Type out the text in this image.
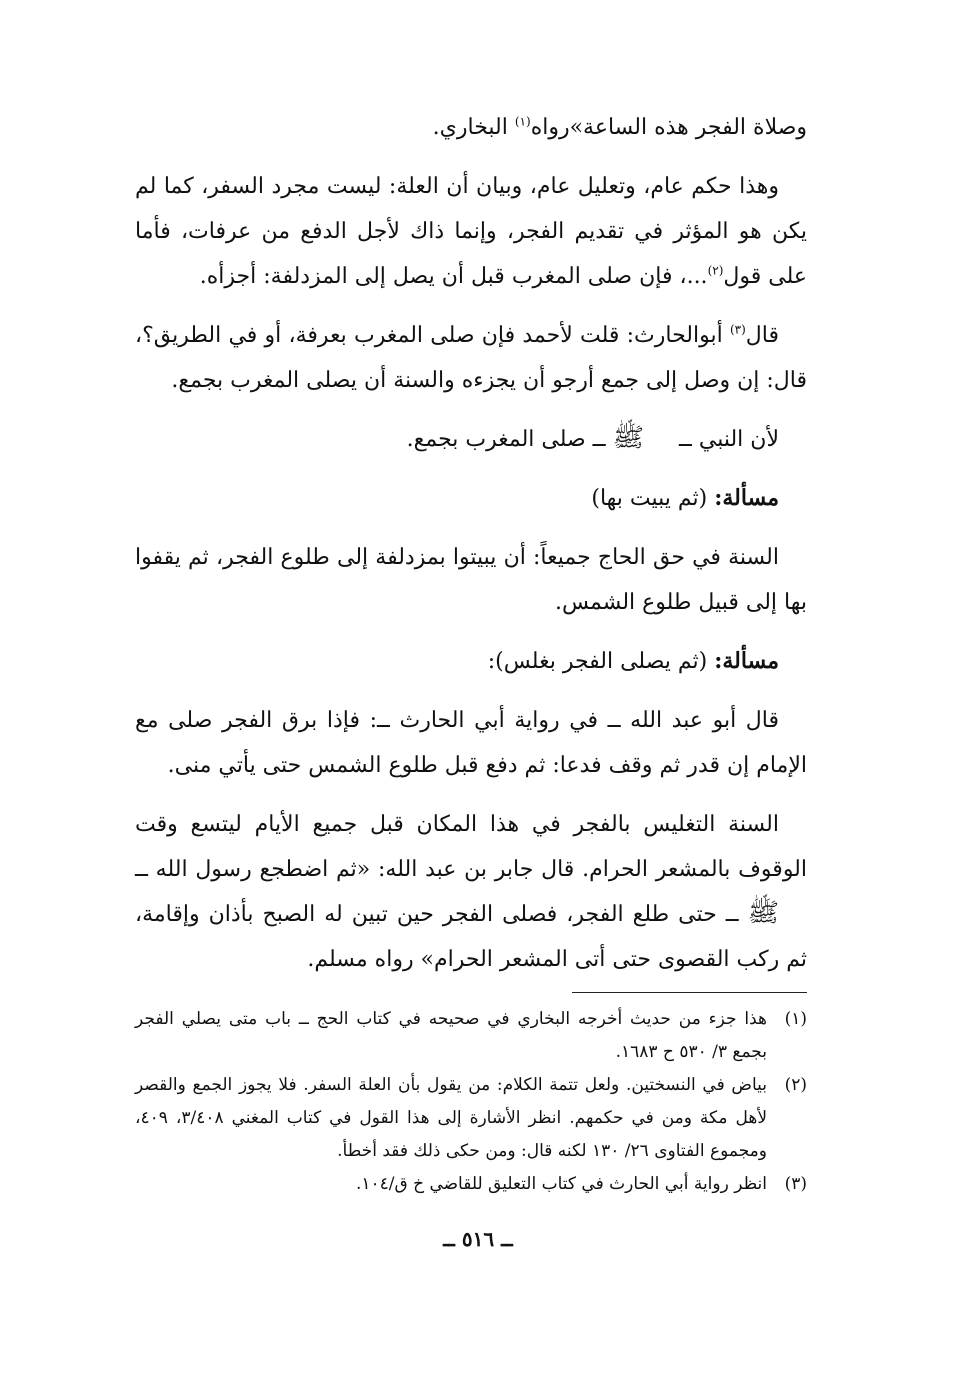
وصلاة الفجر هذه الساعة»رواه$^{(١)}$ البخاري.

وهذا حكم عام، وتعليل عام، وبيان أن العلة: ليست مجرد السفر، كما لم يكن هو المؤثر في تقديم الفجر، وإنما ذاك لأجل الدفع من عرفات، فأما على قول$^{(٢)}$...، فإن صلى المغرب قبل أن يصل إلى المزدلفة: أجزأه.

قال$^{(٣)}$ أبوالحارث: قلت لأحمد فإن صلى المغرب بعرفة، أو في الطريق؟، قال: إن وصل إلى جمع أرجو أن يجزءه والسنة أن يصلى المغرب بجمع.

لأن النبي ــ ﷺ ــ صلى المغرب بجمع.

مسألة: (ثم يبيت بها)

السنة في حق الحاج جميعاً: أن يبيتوا بمزدلفة إلى طلوع الفجر، ثم يقفوا بها إلى قبيل طلوع الشمس.

مسألة: (ثم يصلى الفجر بغلس):

قال أبو عبد الله ــ في رواية أبي الحارث ــ: فإذا برق الفجر صلى مع الإمام إن قدر ثم وقف فدعا: ثم دفع قبل طلوع الشمس حتى يأتي منى.

السنة التغليس بالفجر في هذا المكان قبل جميع الأيام ليتسع وقت الوقوف بالمشعر الحرام. قال جابر بن عبد الله: «ثم اضطجع رسول الله ــ ﷺ ــ حتى طلع الفجر، فصلى الفجر حين تبين له الصبح بأذان وإقامة، ثم ركب القصوى حتى أتى المشعر الحرام» رواه مسلم.

(١)
هذا جزء من حديث أخرجه البخاري في صحيحه في كتاب الحج ــ باب متى يصلي الفجر بجمع ٣/ ٥٣٠ ح ١٦٨٣.
(٢)
بياض في النسختين. ولعل تتمة الكلام: من يقول بأن العلة السفر. فلا يجوز الجمع والقصر لأهل مكة ومن في حكمهم. انظر الأشارة إلى هذا القول في كتاب المغني ٣/٤٠٨، ٤٠٩، ومجموع الفتاوى ٢٦/ ١٣٠ لكنه قال: ومن حكى ذلك فقد أخطأ.
(٣)
انظر رواية أبي الحارث في كتاب التعليق للقاضي خ ق/١٠٤.
ــ ٥١٦ ــ
